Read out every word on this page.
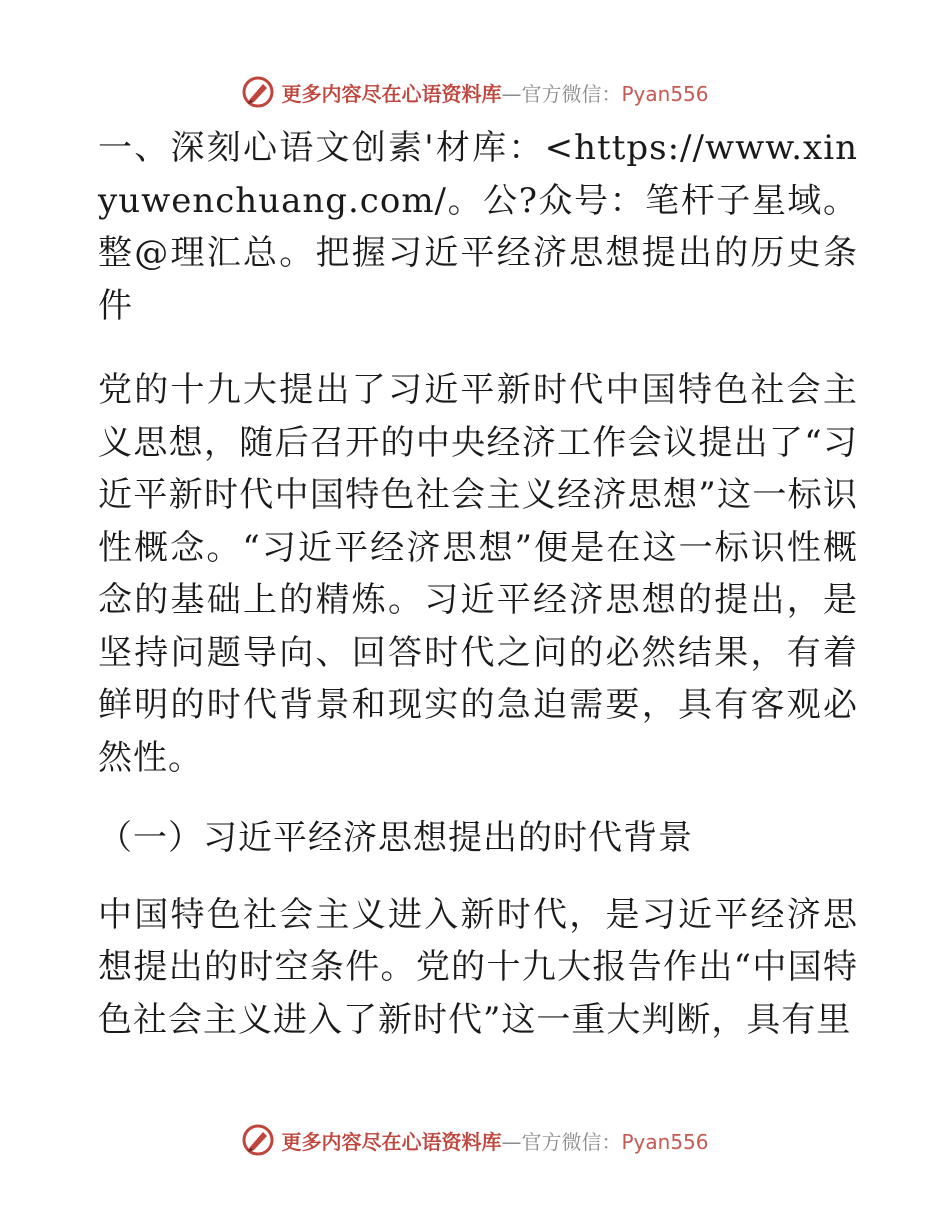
更多内容尽在心语资料库—官方微信：Pyan556

一、深刻心语文创素'材库：<https://www.xinyuwenchuang.com/。公?众号：笔杆子星域。整@理汇总。把握习近平经济思想提出的历史条件

党的十九大提出了习近平新时代中国特色社会主义思想，随后召开的中央经济工作会议提出了“习近平新时代中国特色社会主义经济思想”这一标识性概念。“习近平经济思想”便是在这一标识性概念的基础上的精炼。习近平经济思想的提出，是坚持问题导向、回答时代之问的必然结果，有着鲜明的时代背景和现实的急迫需要，具有客观必然性。

（一）习近平经济思想提出的时代背景

中国特色社会主义进入新时代，是习近平经济思想提出的时空条件。党的十九大报告作出“中国特色社会主义进入了新时代”这一重大判断，具有里

更多内容尽在心语资料库—官方微信：Pyan556
